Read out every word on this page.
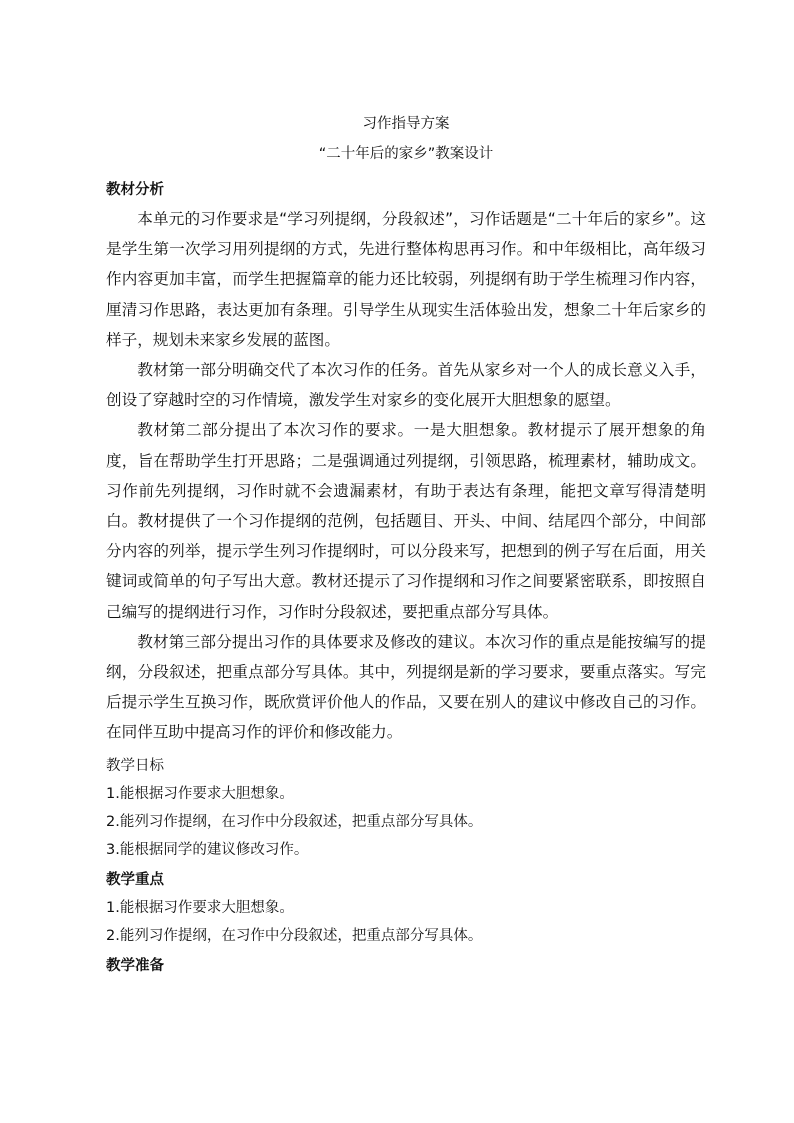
习作指导方案
“二十年后的家乡”教案设计
教材分析

本单元的习作要求是“学习列提纲，分段叙述”，习作话题是“二十年后的家乡”。这是学生第一次学习用列提纲的方式，先进行整体构思再习作。和中年级相比，高年级习作内容更加丰富，而学生把握篇章的能力还比较弱，列提纲有助于学生梳理习作内容，厘清习作思路，表达更加有条理。引导学生从现实生活体验出发，想象二十年后家乡的样子，规划未来家乡发展的蓝图。

教材第一部分明确交代了本次习作的任务。首先从家乡对一个人的成长意义入手，创设了穿越时空的习作情境，激发学生对家乡的变化展开大胆想象的愿望。

教材第二部分提出了本次习作的要求。一是大胆想象。教材提示了展开想象的角度，旨在帮助学生打开思路；二是强调通过列提纲，引领思路，梳理素材，辅助成文。习作前先列提纲，习作时就不会遗漏素材，有助于表达有条理，能把文章写得清楚明白。教材提供了一个习作提纲的范例，包括题目、开头、中间、结尾四个部分，中间部分内容的列举，提示学生列习作提纲时，可以分段来写，把想到的例子写在后面，用关键词或简单的句子写出大意。教材还提示了习作提纲和习作之间要紧密联系，即按照自己编写的提纲进行习作，习作时分段叙述，要把重点部分写具体。

教材第三部分提出习作的具体要求及修改的建议。本次习作的重点是能按编写的提纲，分段叙述，把重点部分写具体。其中，列提纲是新的学习要求，要重点落实。写完后提示学生互换习作，既欣赏评价他人的作品，又要在别人的建议中修改自己的习作。在同伴互助中提高习作的评价和修改能力。

教学日标
1.能根据习作要求大胆想象。
2.能列习作提纲，在习作中分段叙述，把重点部分写具体。
3.能根据同学的建议修改习作。
教学重点
1.能根据习作要求大胆想象。
2.能列习作提纲，在习作中分段叙述，把重点部分写具体。
教学准备
